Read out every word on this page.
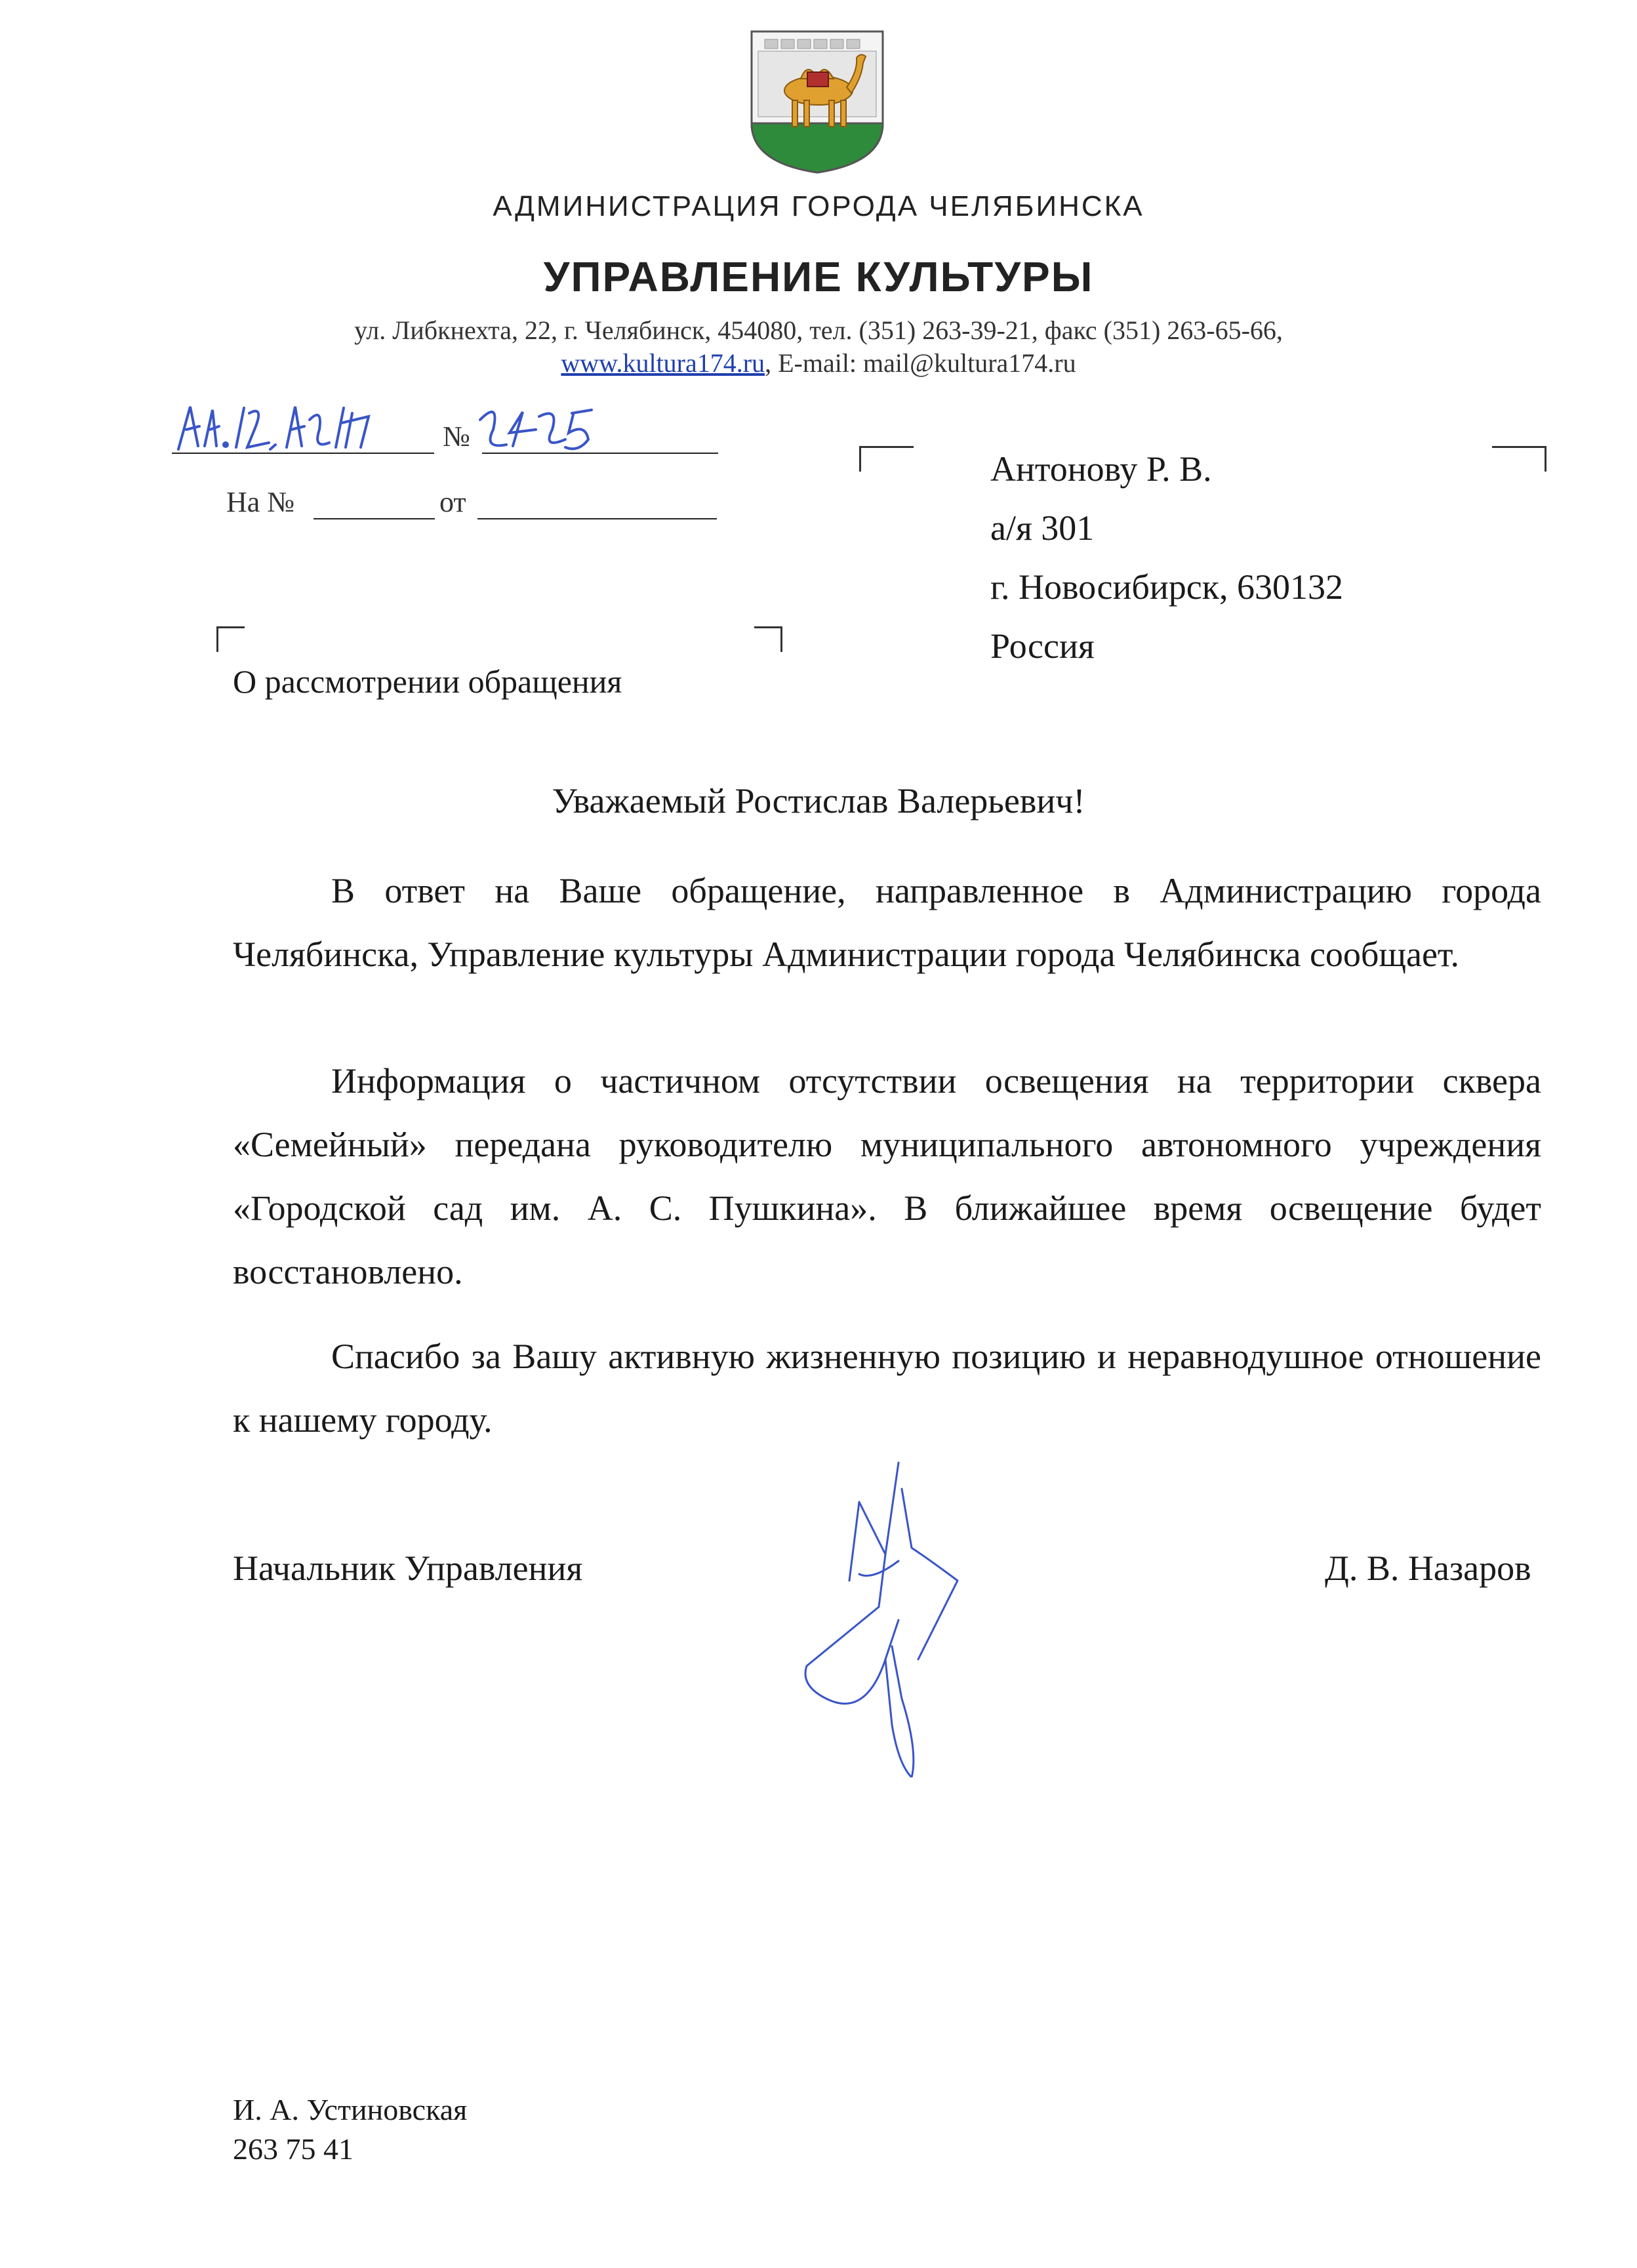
АДМИНИСТРАЦИЯ ГОРОДА ЧЕЛЯБИНСКА
УПРАВЛЕНИЕ КУЛЬТУРЫ
ул. Либкнехта, 22, г. Челябинск, 454080, тел. (351) 263-39-21, факс (351) 263-65-66,
www.kultura174.ru, E-mail: mail@kultura174.ru
№
На №	от
Антонову Р. В.
а/я 301
г. Новосибирск, 630132
Россия
О рассмотрении обращения
Уважаемый Ростислав Валерьевич!

В ответ на Ваше обращение, направленное в Администрацию города Челябинска, Управление культуры Администрации города Челябинска сообщает.

Информация о частичном отсутствии освещения на территории сквера «Семейный» передана руководителю муниципального автономного учреждения «Городской сад им. А. С. Пушкина». В ближайшее время освещение будет восстановлено.

Спасибо за Вашу активную жизненную позицию и неравнодушное отношение к нашему городу.

Начальник Управления	Д. В. Назаров
И. А. Устиновская
263 75 41
